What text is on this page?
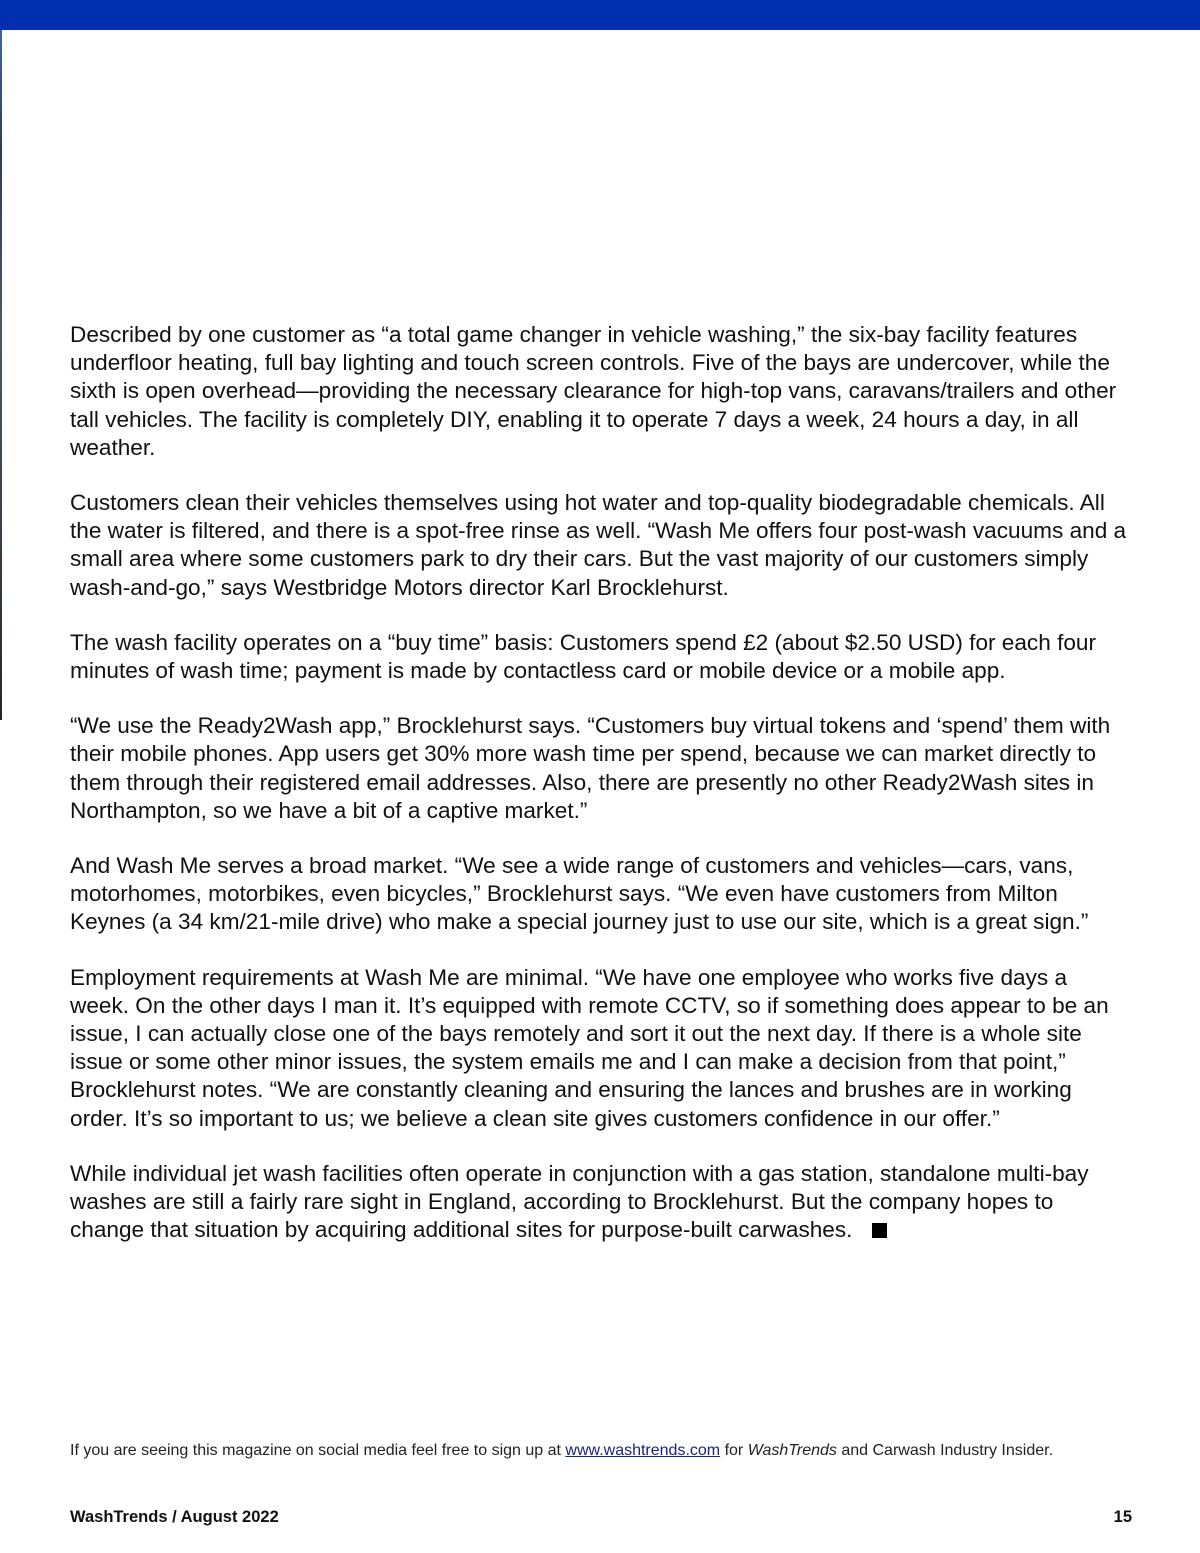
Described by one customer as “a total game changer in vehicle washing,” the six-bay facility features underfloor heating, full bay lighting and touch screen controls. Five of the bays are undercover, while the sixth is open overhead—providing the necessary clearance for high-top vans, caravans/trailers and other tall vehicles. The facility is completely DIY, enabling it to operate 7 days a week, 24 hours a day, in all weather.

Customers clean their vehicles themselves using hot water and top-quality biodegradable chemicals. All the water is filtered, and there is a spot-free rinse as well. “Wash Me offers four post-wash vacuums and a small area where some customers park to dry their cars. But the vast majority of our customers simply wash-and-go,” says Westbridge Motors director Karl Brocklehurst.

The wash facility operates on a “buy time” basis: Customers spend £2 (about $2.50 USD) for each four minutes of wash time; payment is made by contactless card or mobile device or a mobile app.

“We use the Ready2Wash app,” Brocklehurst says. “Customers buy virtual tokens and ‘spend’ them with their mobile phones. App users get 30% more wash time per spend, because we can market directly to them through their registered email addresses. Also, there are presently no other Ready2Wash sites in Northampton, so we have a bit of a captive market.”

And Wash Me serves a broad market. “We see a wide range of customers and vehicles—cars, vans, motorhomes, motorbikes, even bicycles,” Brocklehurst says. “We even have customers from Milton Keynes (a 34 km/21-mile drive) who make a special journey just to use our site, which is a great sign.”

Employment requirements at Wash Me are minimal. “We have one employee who works five days a week. On the other days I man it. It’s equipped with remote CCTV, so if something does appear to be an issue, I can actually close one of the bays remotely and sort it out the next day. If there is a whole site issue or some other minor issues, the system emails me and I can make a decision from that point,” Brocklehurst notes. “We are constantly cleaning and ensuring the lances and brushes are in working order. It’s so important to us; we believe a clean site gives customers confidence in our offer.”

While individual jet wash facilities often operate in conjunction with a gas station, standalone multi-bay washes are still a fairly rare sight in England, according to Brocklehurst. But the company hopes to change that situation by acquiring additional sites for purpose-built carwashes.

If you are seeing this magazine on social media feel free to sign up at www.washtrends.com for WashTrends and Carwash Industry Insider.
WashTrends / August 2022	15
